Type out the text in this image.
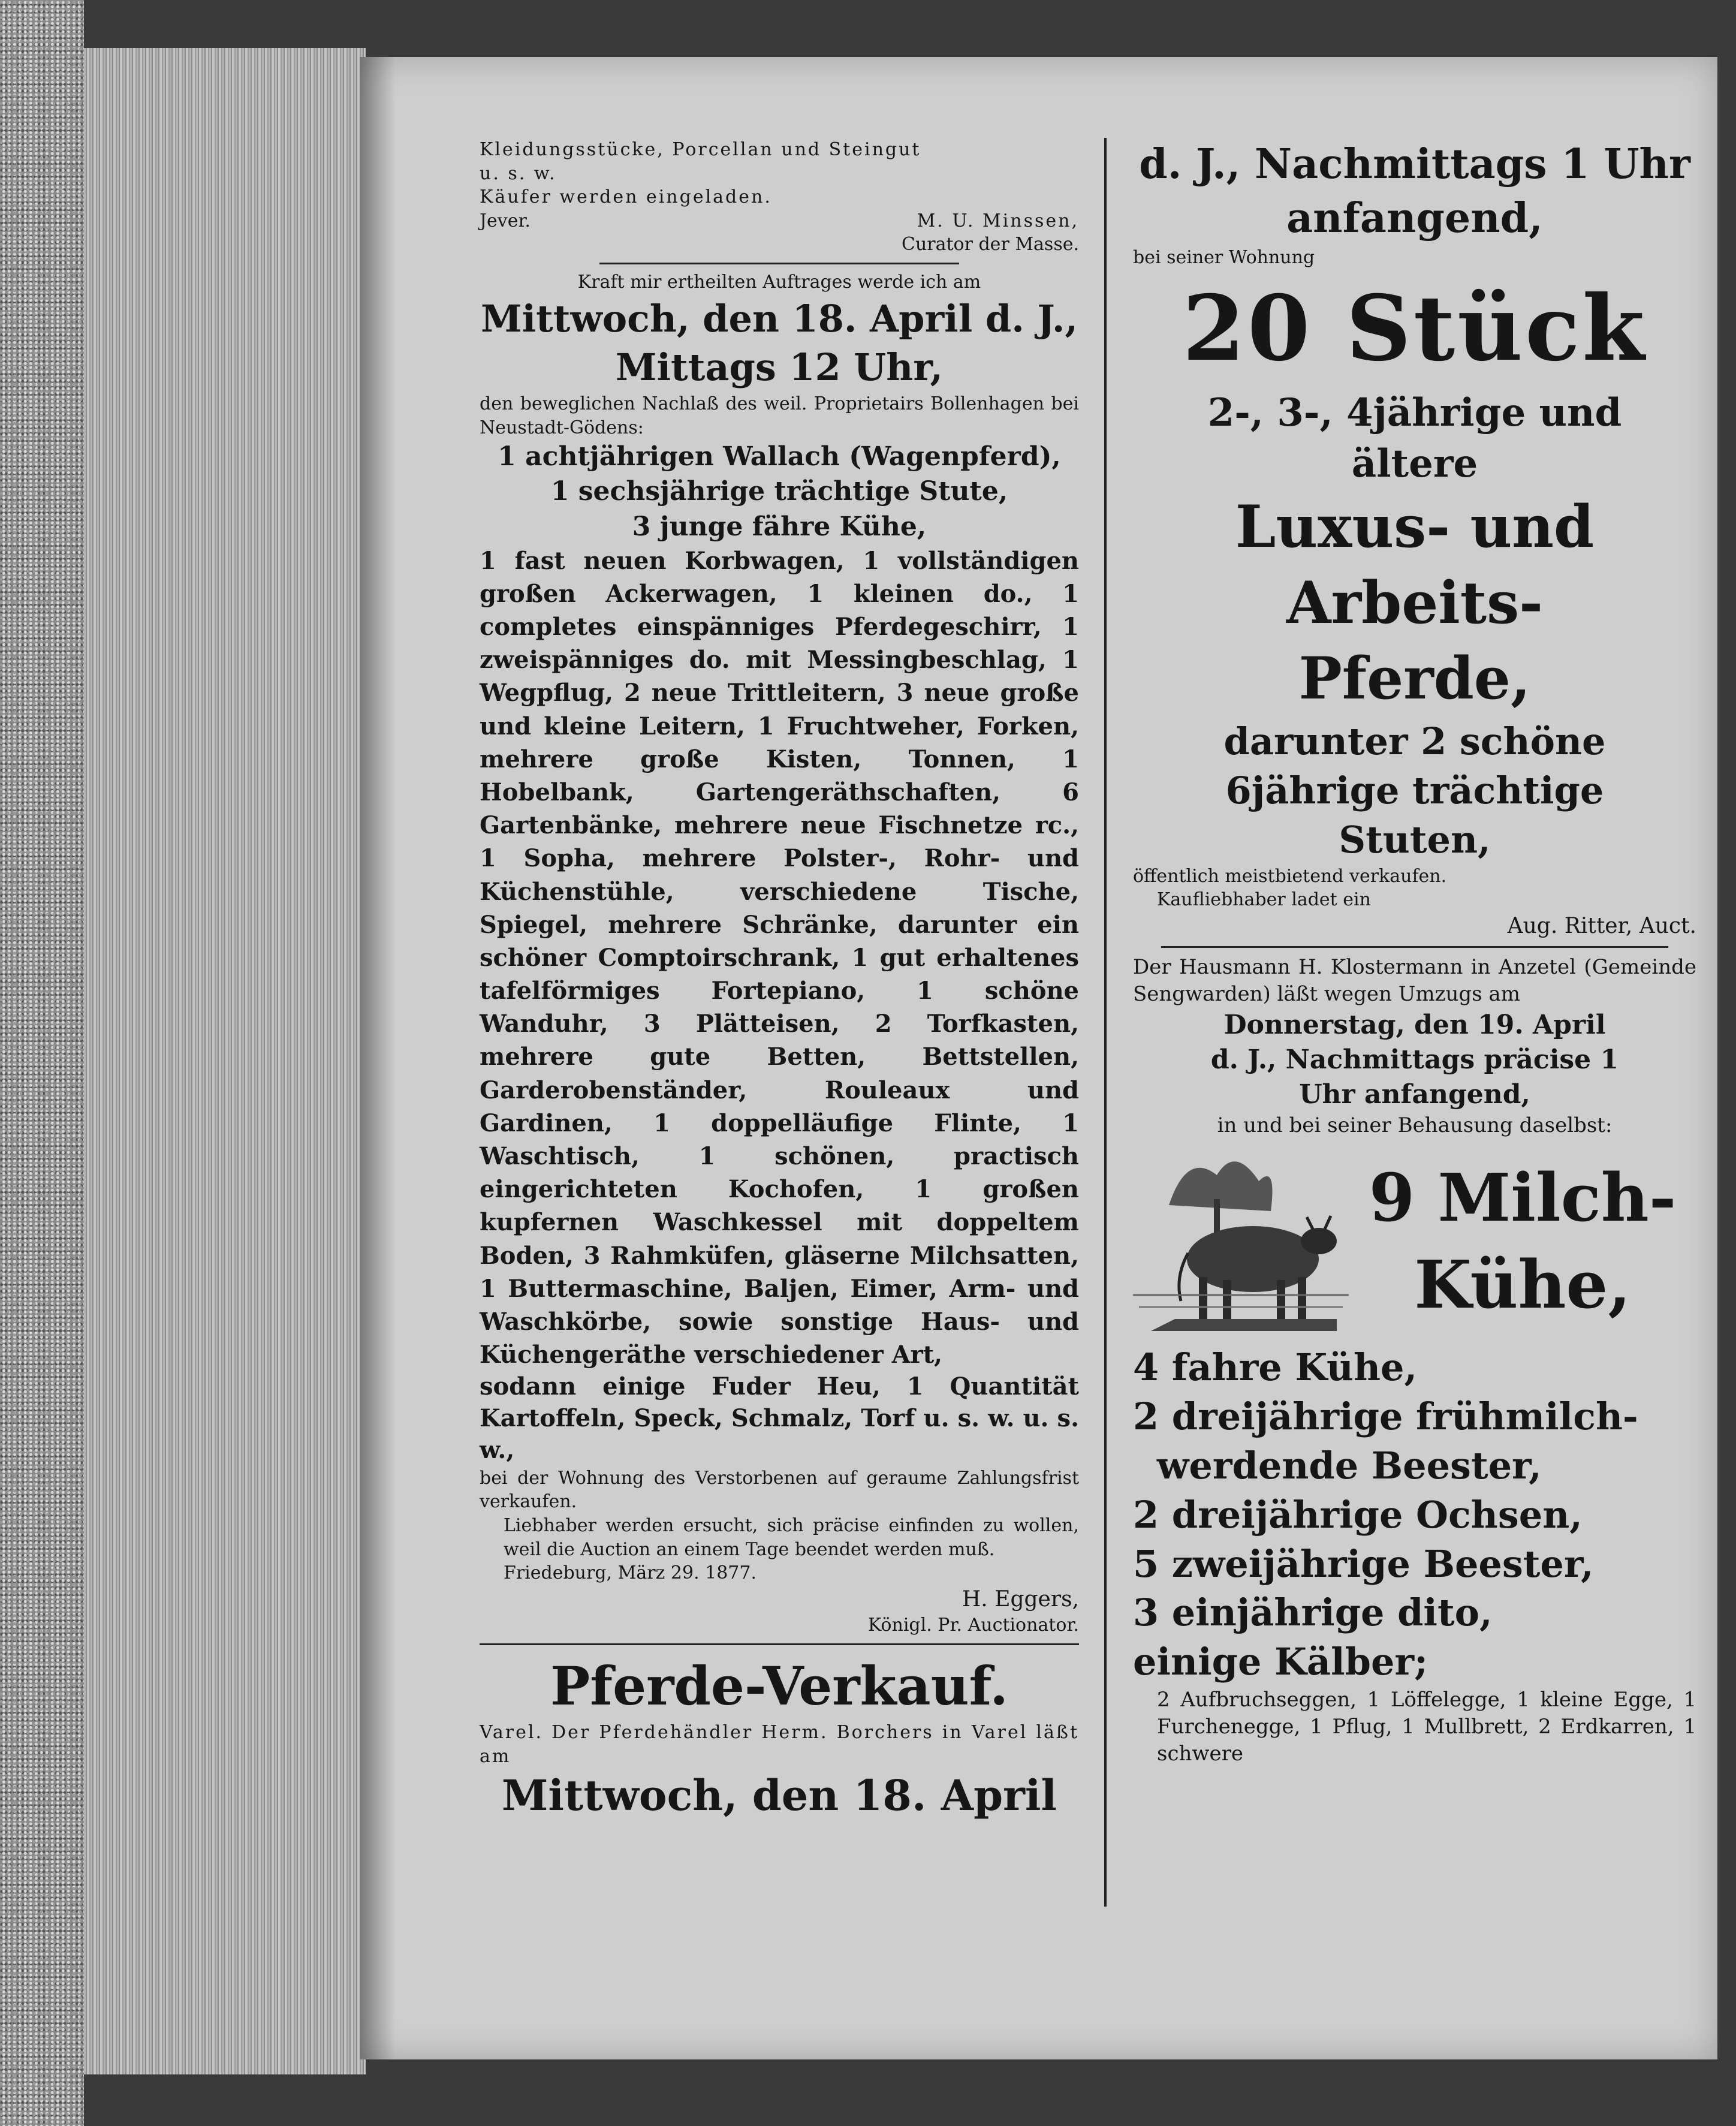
Kleidungsstücke, Porcellan und Steingut

u. s. w.

Käufer werden eingeladen.

Jever.	M. U. Minssen,

Curator der Masse.

Kraft mir ertheilten Auftrages werde ich am

Mittwoch, den 18. April d. J.,

Mittags 12 Uhr,

den beweglichen Nachlaß des weil. Proprietairs Bollenhagen bei Neustadt-Gödens:

1 achtjährigen Wallach (Wagenpferd),

1 sechsjährige trächtige Stute,

3 junge fähre Kühe,

1 fast neuen Korbwagen, 1 vollständigen großen Ackerwagen, 1 kleinen do., 1 completes einspänniges Pferdegeschirr, 1 zweispänniges do. mit Messingbeschlag, 1 Wegpflug, 2 neue Trittleitern, 3 neue große und kleine Leitern, 1 Fruchtweher, Forken, mehrere große Kisten, Tonnen, 1 Hobelbank, Gartengeräthschaften, 6 Gartenbänke, mehrere neue Fischnetze rc., 1 Sopha, mehrere Polster-, Rohr- und Küchenstühle, verschiedene Tische, Spiegel, mehrere Schränke, darunter ein schöner Comptoirschrank, 1 gut erhaltenes tafelförmiges Fortepiano, 1 schöne Wanduhr, 3 Plätteisen, 2 Torfkasten, mehrere gute Betten, Bettstellen, Garderobenständer, Rouleaux und Gardinen, 1 doppelläufige Flinte, 1 Waschtisch, 1 schönen, practisch eingerichteten Kochofen, 1 großen kupfernen Waschkessel mit doppeltem Boden, 3 Rahmküfen, gläserne Milchsatten, 1 Buttermaschine, Baljen, Eimer, Arm- und Waschkörbe, sowie sonstige Haus- und Küchengeräthe verschiedener Art,

sodann einige Fuder Heu, 1 Quantität Kartoffeln, Speck, Schmalz, Torf u. s. w. u. s. w.,

bei der Wohnung des Verstorbenen auf geraume Zahlungsfrist verkaufen.

Liebhaber werden ersucht, sich präcise einfinden zu wollen, weil die Auction an einem Tage beendet werden muß.

Friedeburg, März 29. 1877.

H. Eggers,

Königl. Pr. Auctionator.

Pferde-Verkauf.

Varel. Der Pferdehändler Herm. Borchers in Varel läßt am

Mittwoch, den 18. April

d. J., Nachmittags 1 Uhr

anfangend,

bei seiner Wohnung

20 Stück

2-, 3-, 4jährige und

ältere

Luxus- und Arbeits-

Pferde,

darunter 2 schöne

6jährige trächtige

Stuten,

öffentlich meistbietend verkaufen.

Kaufliebhaber ladet ein

Aug. Ritter, Auct.

Der Hausmann H. Klostermann in Anzetel (Gemeinde Sengwarden) läßt wegen Umzugs am

Donnerstag, den 19. April

d. J., Nachmittags präcise 1

Uhr anfangend,

in und bei seiner Behausung daselbst:

9 Milch-

Kühe,

4 fahre Kühe,

2 dreijährige frühmilch-

werdende Beester,

2 dreijährige Ochsen,

5 zweijährige Beester,

3 einjährige dito,

einige Kälber;

2 Aufbruchseggen, 1 Löffelegge, 1 kleine Egge, 1 Furchenegge, 1 Pflug, 1 Mullbrett, 2 Erdkarren, 1 schwere
